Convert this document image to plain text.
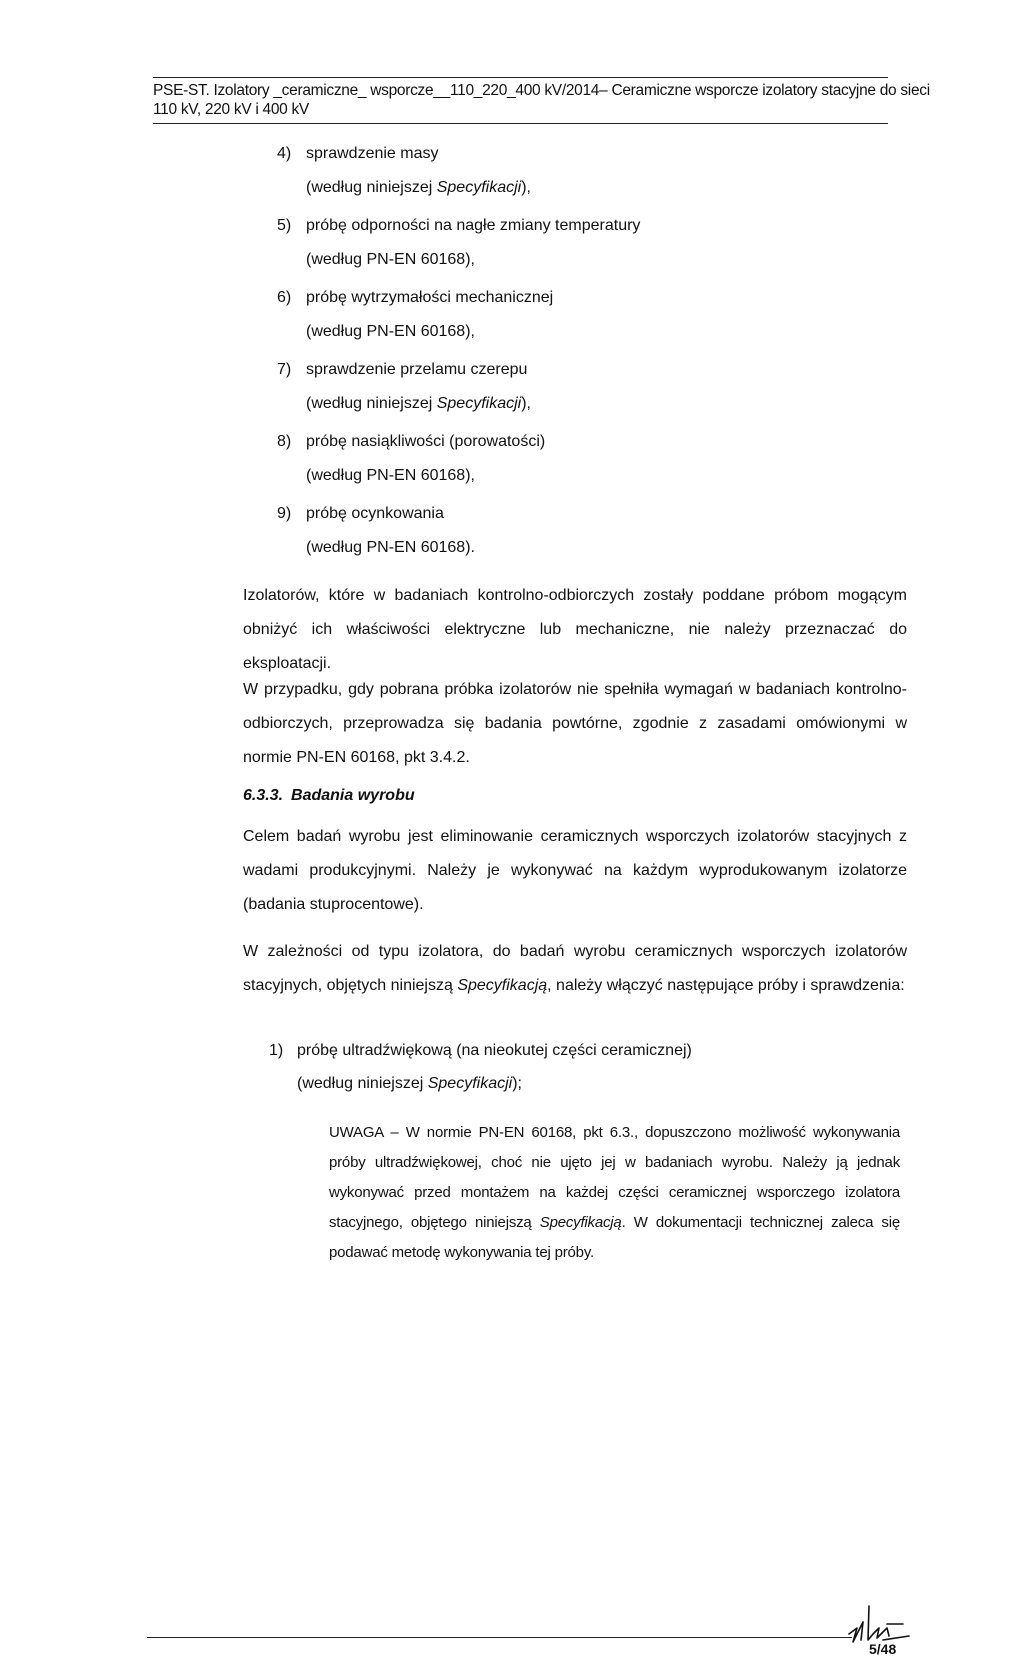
PSE-ST. Izolatory _ceramiczne_ wsporcze__110_220_400 kV/2014– Ceramiczne wsporcze izolatory stacyjne do sieci
110 kV, 220 kV i 400 kV
4) sprawdzenie masy
(według niniejszej Specyfikacji),
5) próbę odporności na nagłe zmiany temperatury
(według PN-EN 60168),
6) próbę wytrzymałości mechanicznej
(według PN-EN 60168),
7) sprawdzenie przelamu czerepu
(według niniejszej Specyfikacji),
8) próbę nasiąkliwości (porowatości)
(według PN-EN 60168),
9) próbę ocynkowania
(według PN-EN 60168).

Izolatorów, które w badaniach kontrolno-odbiorczych zostały poddane próbom mogącym obniżyć ich właściwości elektryczne lub mechaniczne, nie należy przeznaczać do eksploatacji.

W przypadku, gdy pobrana próbka izolatorów nie spełniła wymagań w badaniach kontrolno-odbiorczych, przeprowadza się badania powtórne, zgodnie z zasadami omówionymi w normie PN-EN 60168, pkt 3.4.2.

6.3.3. Badania wyrobu

Celem badań wyrobu jest eliminowanie ceramicznych wsporczych izolatorów stacyjnych z wadami produkcyjnymi. Należy je wykonywać na każdym wyprodukowanym izolatorze (badania stuprocentowe).

W zależności od typu izolatora, do badań wyrobu ceramicznych wsporczych izolatorów stacyjnych, objętych niniejszą Specyfikacją, należy włączyć następujące próby i sprawdzenia:

1) próbę ultradźwiękową (na nieokutej części ceramicznej)
(według niniejszej Specyfikacji);

UWAGA – W normie PN-EN 60168, pkt 6.3., dopuszczono możliwość wykonywania próby ultradźwiękowej, choć nie ujęto jej w badaniach wyrobu. Należy ją jednak wykonywać przed montażem na każdej części ceramicznej wsporczego izolatora stacyjnego, objętego niniejszą Specyfikacją. W dokumentacji technicznej zaleca się podawać metodę wykonywania tej próby.

5/48
